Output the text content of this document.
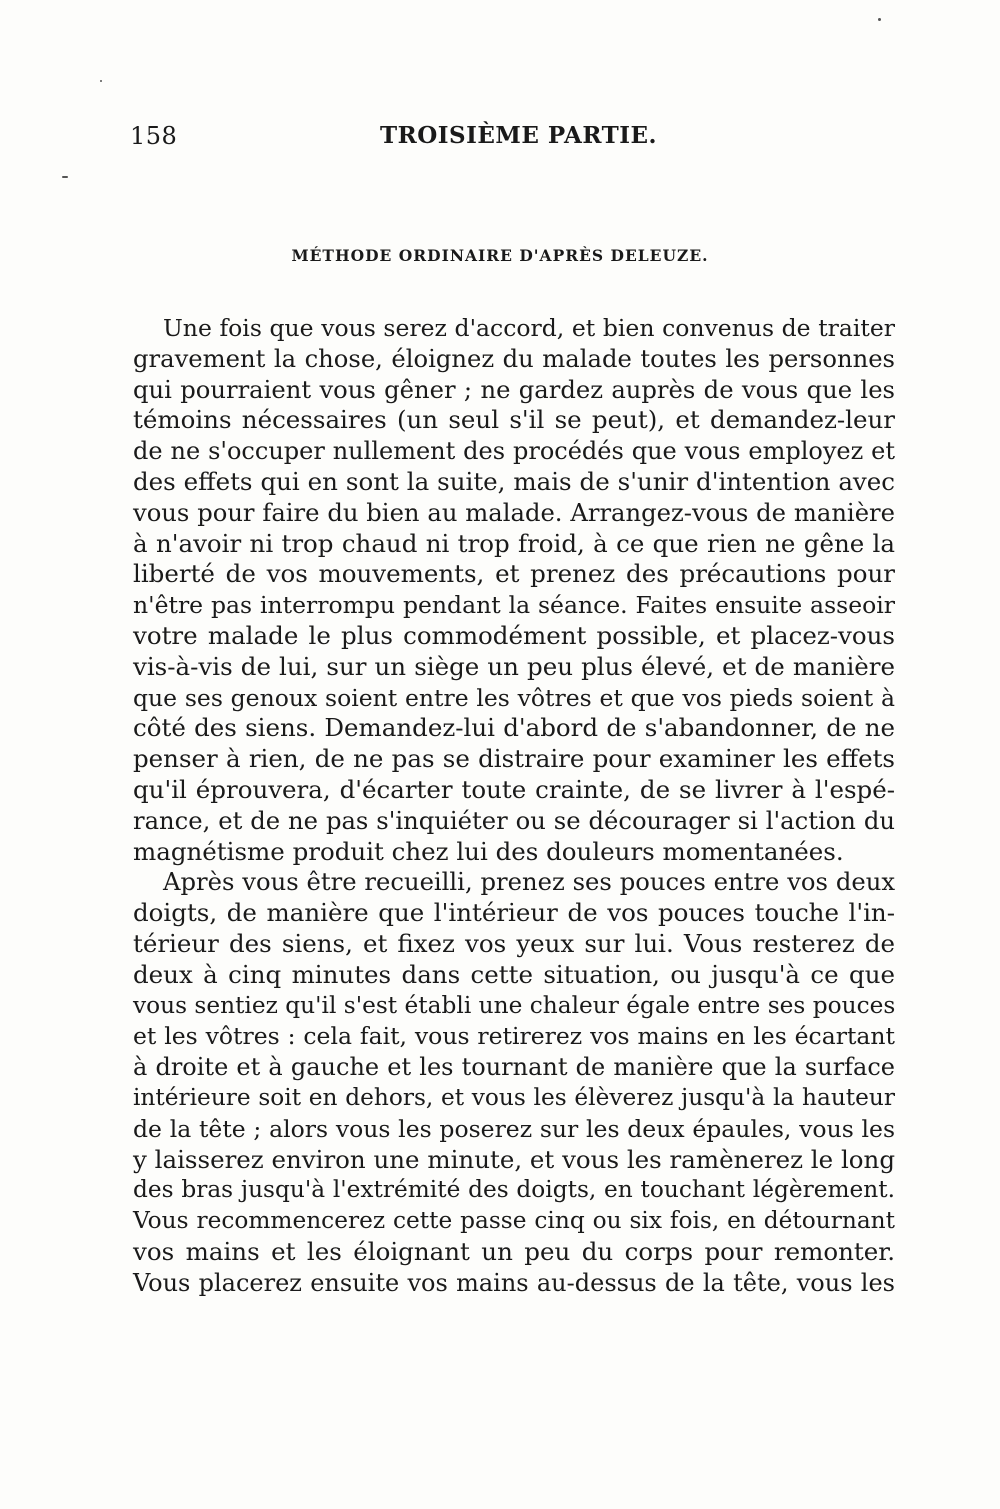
158	TROISIÈME PARTIE.
MÉTHODE ORDINAIRE D'APRÈS DELEUZE.
Une fois que vous serez d'accord, et bien convenus de traiter
gravement la chose, éloignez du malade toutes les personnes
qui pourraient vous gêner ; ne gardez auprès de vous que les
témoins nécessaires (un seul s'il se peut), et demandez-leur
de ne s'occuper nullement des procédés que vous employez et
des effets qui en sont la suite, mais de s'unir d'intention avec
vous pour faire du bien au malade. Arrangez-vous de manière
à n'avoir ni trop chaud ni trop froid, à ce que rien ne gêne la
liberté de vos mouvements, et prenez des précautions pour
n'être pas interrompu pendant la séance. Faites ensuite asseoir
votre malade le plus commodément possible, et placez-vous
vis-à-vis de lui, sur un siège un peu plus élevé, et de manière
que ses genoux soient entre les vôtres et que vos pieds soient à
côté des siens. Demandez-lui d'abord de s'abandonner, de ne
penser à rien, de ne pas se distraire pour examiner les effets
qu'il éprouvera, d'écarter toute crainte, de se livrer à l'espé-
rance, et de ne pas s'inquiéter ou se décourager si l'action du
magnétisme produit chez lui des douleurs momentanées.
Après vous être recueilli, prenez ses pouces entre vos deux
doigts, de manière que l'intérieur de vos pouces touche l'in-
térieur des siens, et fixez vos yeux sur lui. Vous resterez de
deux à cinq minutes dans cette situation, ou jusqu'à ce que
vous sentiez qu'il s'est établi une chaleur égale entre ses pouces
et les vôtres : cela fait, vous retirerez vos mains en les écartant
à droite et à gauche et les tournant de manière que la surface
intérieure soit en dehors, et vous les élèverez jusqu'à la hauteur
de la tête ; alors vous les poserez sur les deux épaules, vous les
y laisserez environ une minute, et vous les ramènerez le long
des bras jusqu'à l'extrémité des doigts, en touchant légèrement.
Vous recommencerez cette passe cinq ou six fois, en détournant
vos mains et les éloignant un peu du corps pour remonter.
Vous placerez ensuite vos mains au-dessus de la tête, vous les
